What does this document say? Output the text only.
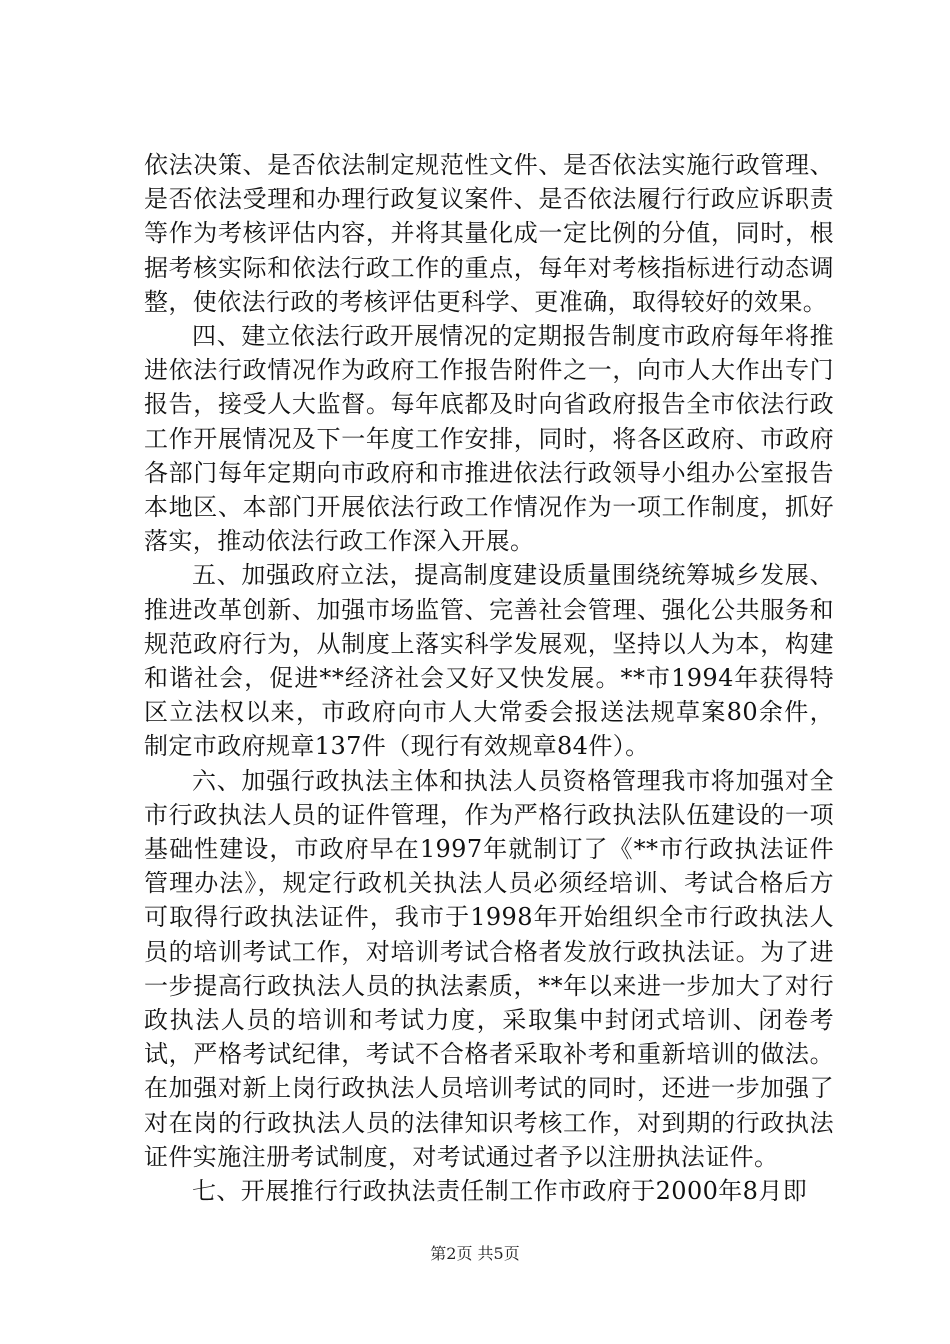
依法决策、是否依法制定规范性文件、是否依法实施行政管理、是否依法受理和办理行政复议案件、是否依法履行行政应诉职责等作为考核评估内容，并将其量化成一定比例的分值，同时，根据考核实际和依法行政工作的重点，每年对考核指标进行动态调整，使依法行政的考核评估更科学、更准确，取得较好的效果。

四、建立依法行政开展情况的定期报告制度市政府每年将推进依法行政情况作为政府工作报告附件之一，向市人大作出专门报告，接受人大监督。每年底都及时向省政府报告全市依法行政工作开展情况及下一年度工作安排，同时，将各区政府、市政府各部门每年定期向市政府和市推进依法行政领导小组办公室报告本地区、本部门开展依法行政工作情况作为一项工作制度，抓好落实，推动依法行政工作深入开展。

五、加强政府立法，提高制度建设质量围绕统筹城乡发展、推进改革创新、加强市场监管、完善社会管理、强化公共服务和规范政府行为，从制度上落实科学发展观，坚持以人为本，构建和谐社会，促进**经济社会又好又快发展。**市1994年获得特区立法权以来，市政府向市人大常委会报送法规草案80余件，制定市政府规章137件（现行有效规章84件）。

六、加强行政执法主体和执法人员资格管理我市将加强对全市行政执法人员的证件管理，作为严格行政执法队伍建设的一项基础性建设，市政府早在1997年就制订了《**市行政执法证件管理办法》，规定行政机关执法人员必须经培训、考试合格后方可取得行政执法证件，我市于1998年开始组织全市行政执法人员的培训考试工作，对培训考试合格者发放行政执法证。为了进一步提高行政执法人员的执法素质，**年以来进一步加大了对行政执法人员的培训和考试力度，采取集中封闭式培训、闭卷考试，严格考试纪律，考试不合格者采取补考和重新培训的做法。在加强对新上岗行政执法人员培训考试的同时，还进一步加强了对在岗的行政执法人员的法律知识考核工作，对到期的行政执法证件实施注册考试制度，对考试通过者予以注册执法证件。

七、开展推行行政执法责任制工作市政府于2000年8月即

第2页 共5页
